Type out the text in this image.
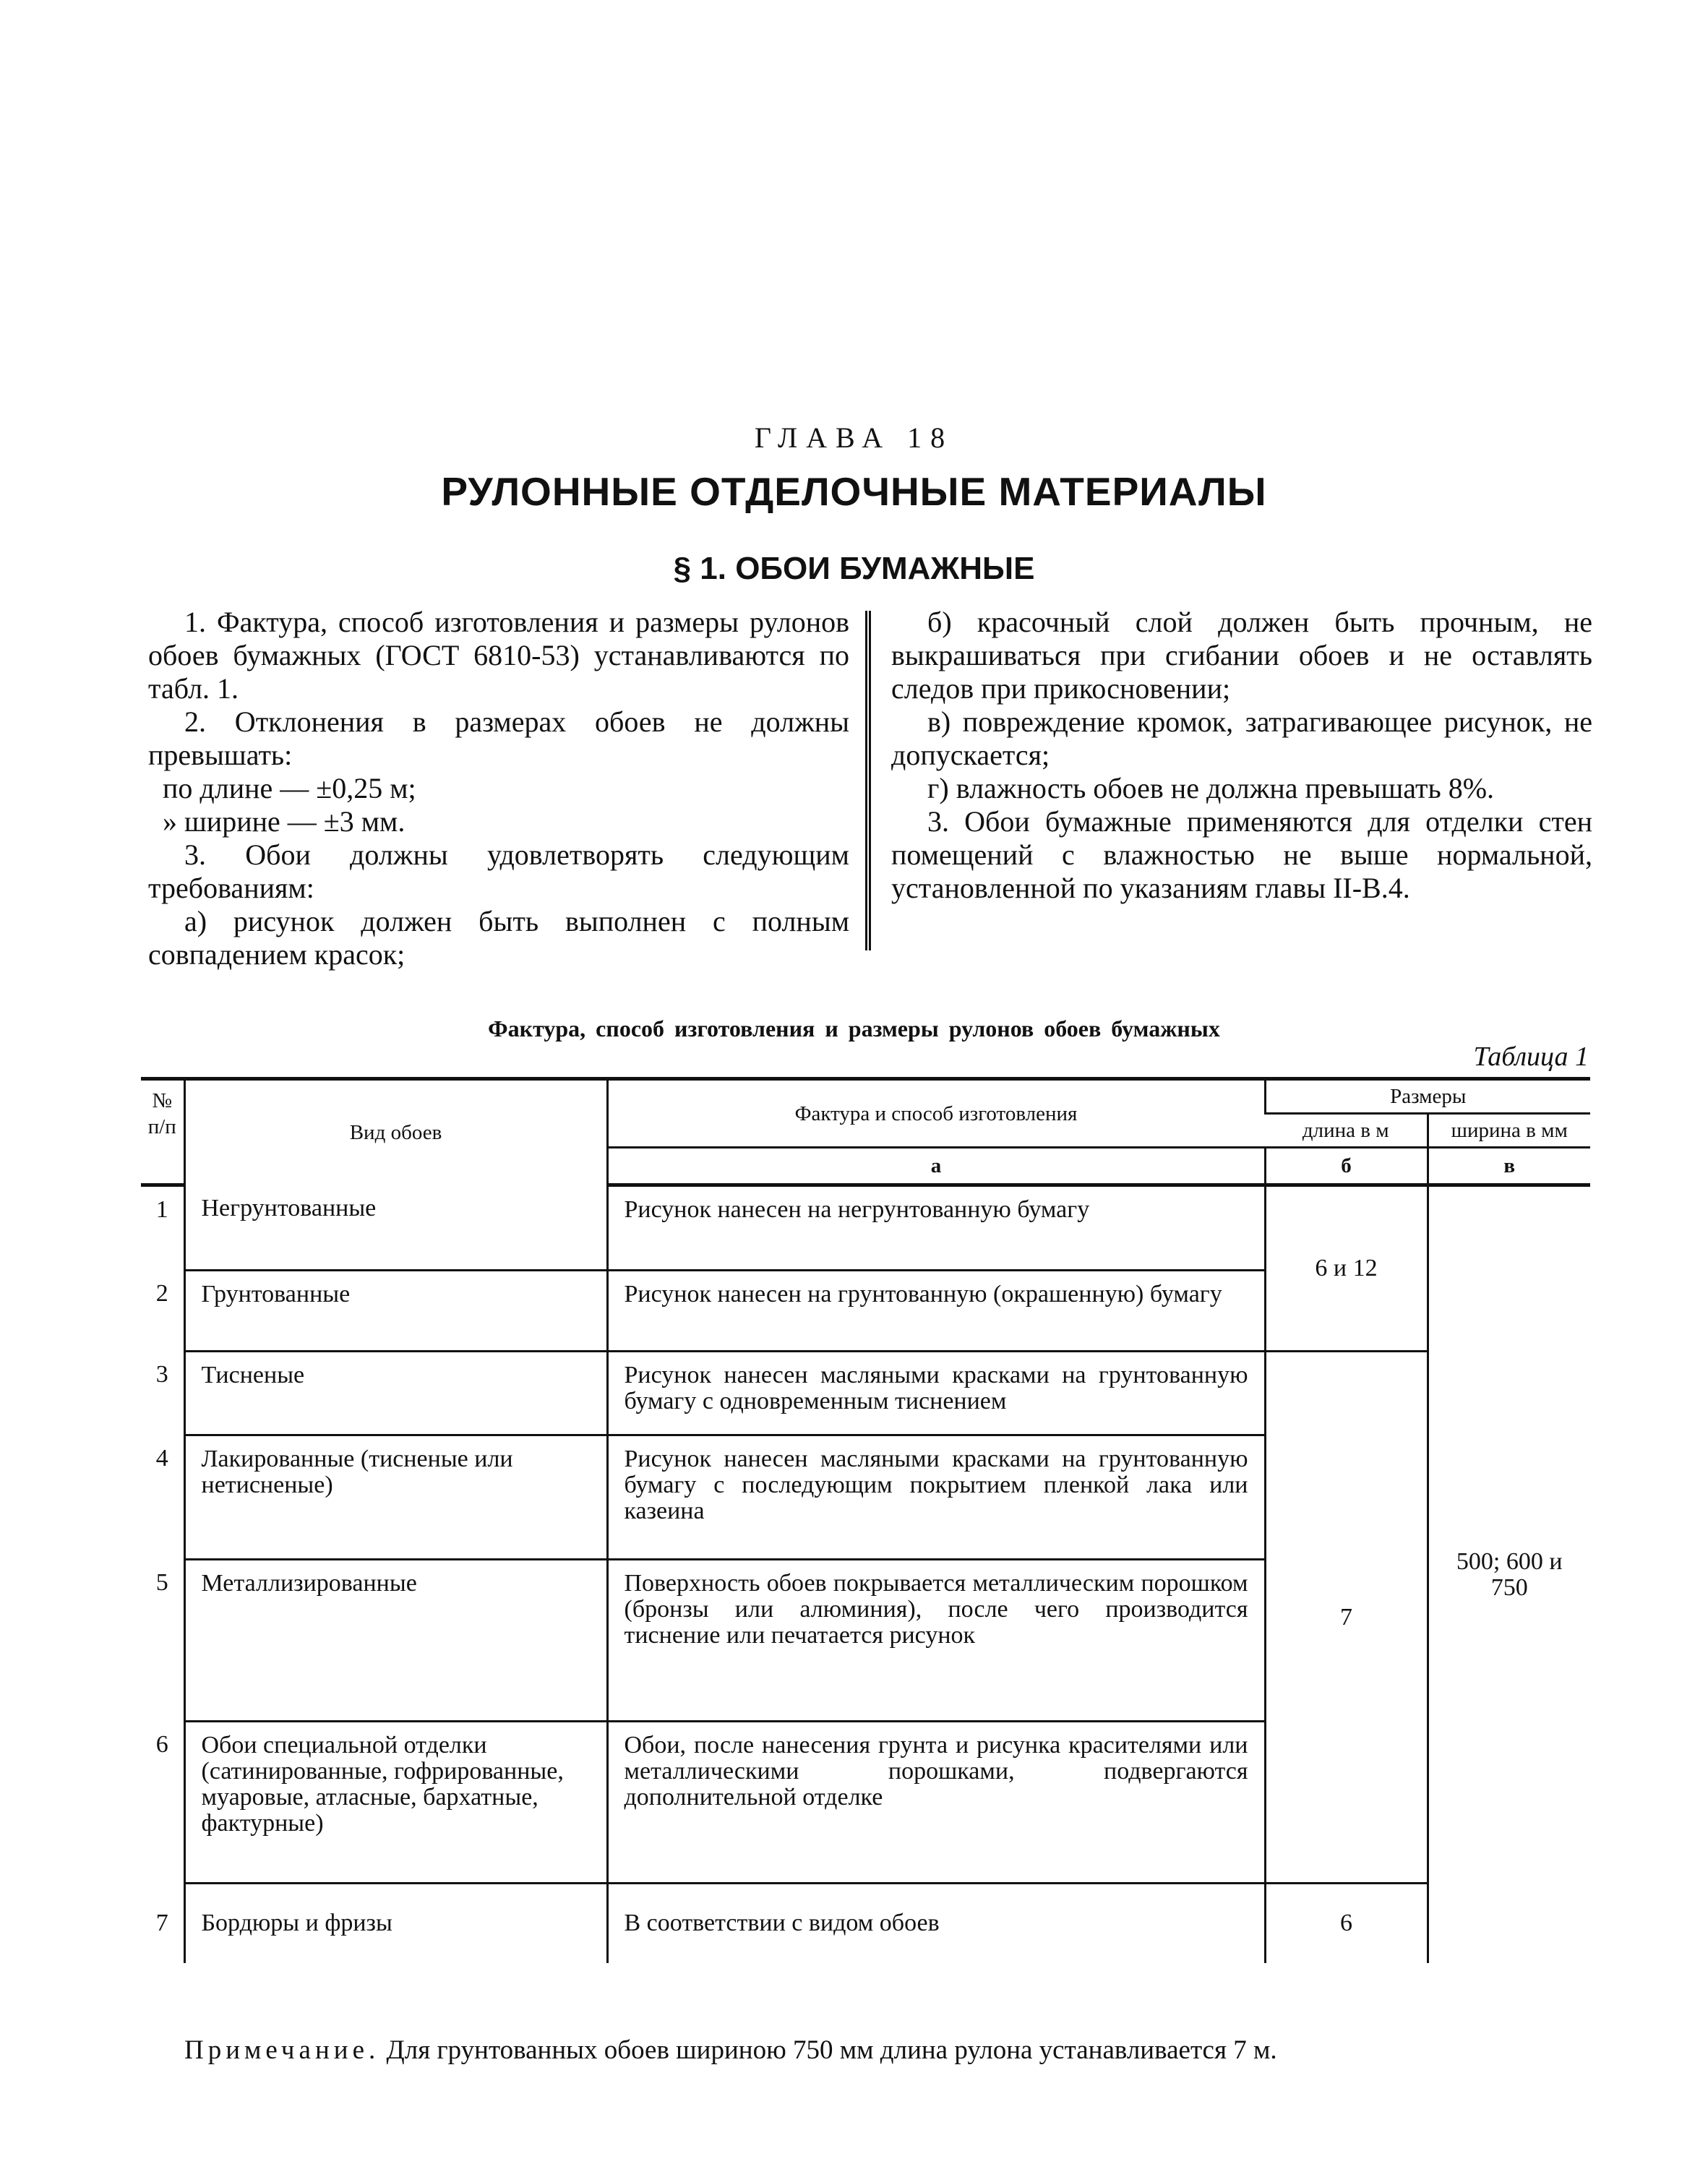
ГЛАВА 18
РУЛОННЫЕ ОТДЕЛОЧНЫЕ МАТЕРИАЛЫ
§ 1. ОБОИ БУМАЖНЫЕ

1. Фактура, способ изготовления и размеры рулонов обоев бумажных (ГОСТ 6810-53) устанавливаются по табл. 1.

2. Отклонения в размерах обоев не должны превышать:

по длине — ±0,25 м;

» ширине — ±3 мм.

3. Обои должны удовлетворять следующим требованиям:

а) рисунок должен быть выполнен с полным совпадением красок;

б) красочный слой должен быть прочным, не выкрашиваться при сгибании обоев и не оставлять следов при прикосновении;

в) повреждение кромок, затрагивающее рисунок, не допускается;

г) влажность обоев не должна превышать 8%.

3. Обои бумажные применяются для отделки стен помещений с влажностью не выше нормальной, установленной по указаниям главы II-В.4.

Фактура, способ изготовления и размеры рулонов обоев бумажных
Таблица 1
№ п/п	Вид обоев	Фактура и способ изготовления	Размеры	
			длина в м	ширина в мм
		а	б	в
1	Негрунтованные	Рисунок нанесен на негрунтованную бумагу	6 и 12	500; 600 и 750
2	Грунтованные	Рисунок нанесен на грунтованную (окрашенную) бумагу		
3	Тисненые	Рисунок нанесен масляными красками на грунтованную бумагу с одновременным тиснением	7	
4	Лакированные (тисненые или нетисненые)	Рисунок нанесен масляными красками на грунтованную бумагу с последующим покрытием пленкой лака или казеина		
5	Металлизированные	Поверхность обоев покрывается металлическим порошком (бронзы или алюминия), после чего производится тиснение или печатается рисунок		
6	Обои специальной отделки (сатинированные, гофрированные, муаровые, атласные, бархатные, фактурные)	Обои, после нанесения грунта и рисунка красителями или металлическими порошками, подвергаются дополнительной отделке		
7	Бордюры и фризы	В соответствии с видом обоев	6	
Примечание. Для грунтованных обоев шириною 750 мм длина рулона устанавливается 7 м.
